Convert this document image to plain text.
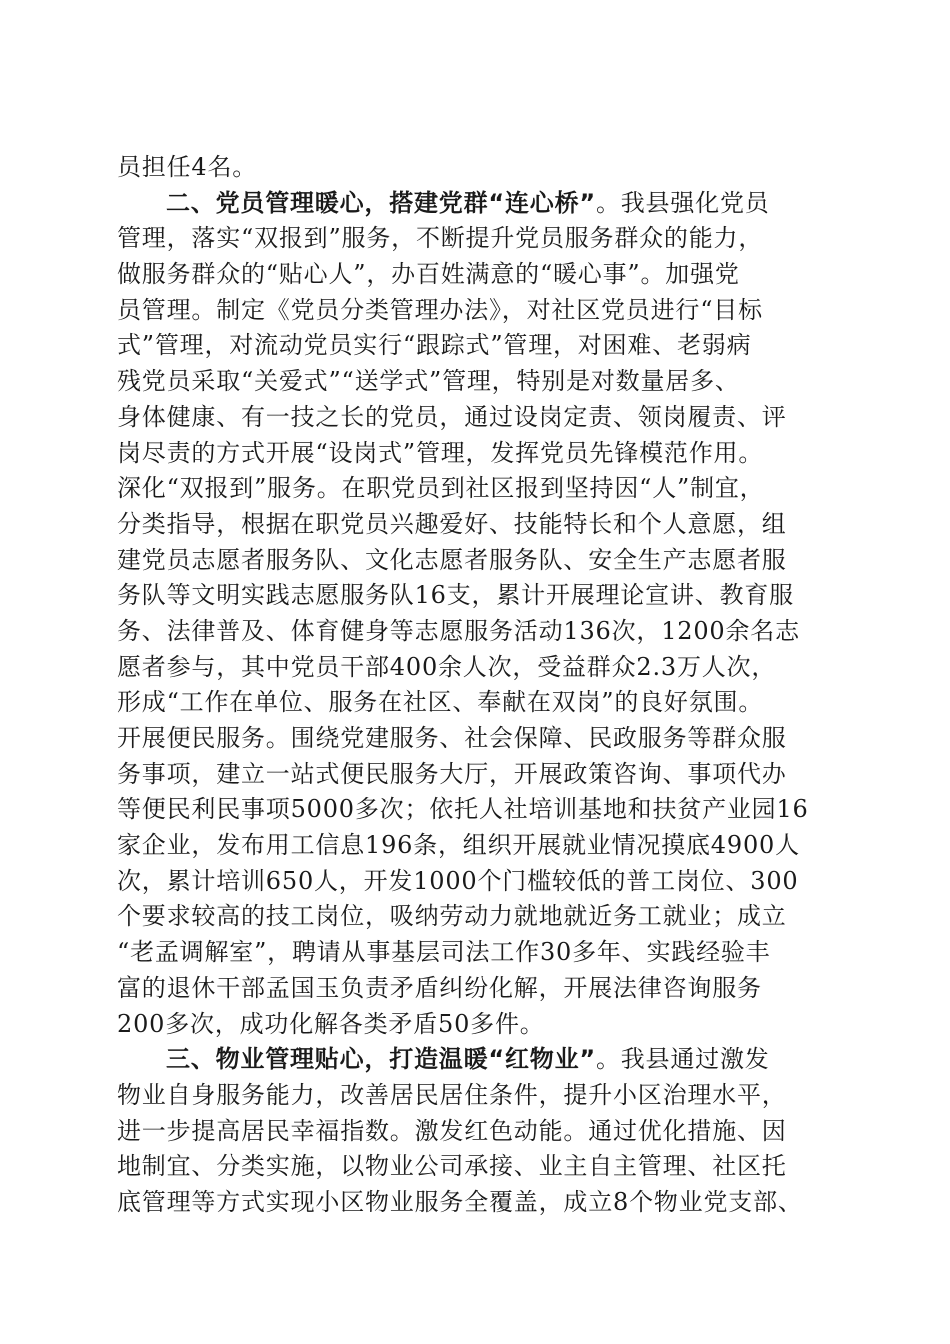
员担任4名。
二、党员管理暖心，搭建党群“连心桥”。我县强化党员
管理，落实“双报到”服务，不断提升党员服务群众的能力，
做服务群众的“贴心人”，办百姓满意的“暖心事”。加强党
员管理。制定《党员分类管理办法》，对社区党员进行“目标
式”管理，对流动党员实行“跟踪式”管理，对困难、老弱病
残党员采取“关爱式”“送学式”管理，特别是对数量居多、
身体健康、有一技之长的党员，通过设岗定责、领岗履责、评
岗尽责的方式开展“设岗式”管理，发挥党员先锋模范作用。
深化“双报到”服务。在职党员到社区报到坚持因“人”制宜，
分类指导，根据在职党员兴趣爱好、技能特长和个人意愿，组
建党员志愿者服务队、文化志愿者服务队、安全生产志愿者服
务队等文明实践志愿服务队16支，累计开展理论宣讲、教育服
务、法律普及、体育健身等志愿服务活动136次，1200余名志
愿者参与，其中党员干部400余人次，受益群众2.3万人次，
形成“工作在单位、服务在社区、奉献在双岗”的良好氛围。
开展便民服务。围绕党建服务、社会保障、民政服务等群众服
务事项，建立一站式便民服务大厅，开展政策咨询、事项代办
等便民利民事项5000多次；依托人社培训基地和扶贫产业园16
家企业，发布用工信息196条，组织开展就业情况摸底4900人
次，累计培训650人，开发1000个门槛较低的普工岗位、300
个要求较高的技工岗位，吸纳劳动力就地就近务工就业；成立
“老孟调解室”，聘请从事基层司法工作30多年、实践经验丰
富的退休干部孟国玉负责矛盾纠纷化解，开展法律咨询服务
200多次，成功化解各类矛盾50多件。
三、物业管理贴心，打造温暖“红物业”。我县通过激发
物业自身服务能力，改善居民居住条件，提升小区治理水平，
进一步提高居民幸福指数。激发红色动能。通过优化措施、因
地制宜、分类实施，以物业公司承接、业主自主管理、社区托
底管理等方式实现小区物业服务全覆盖，成立8个物业党支部、
